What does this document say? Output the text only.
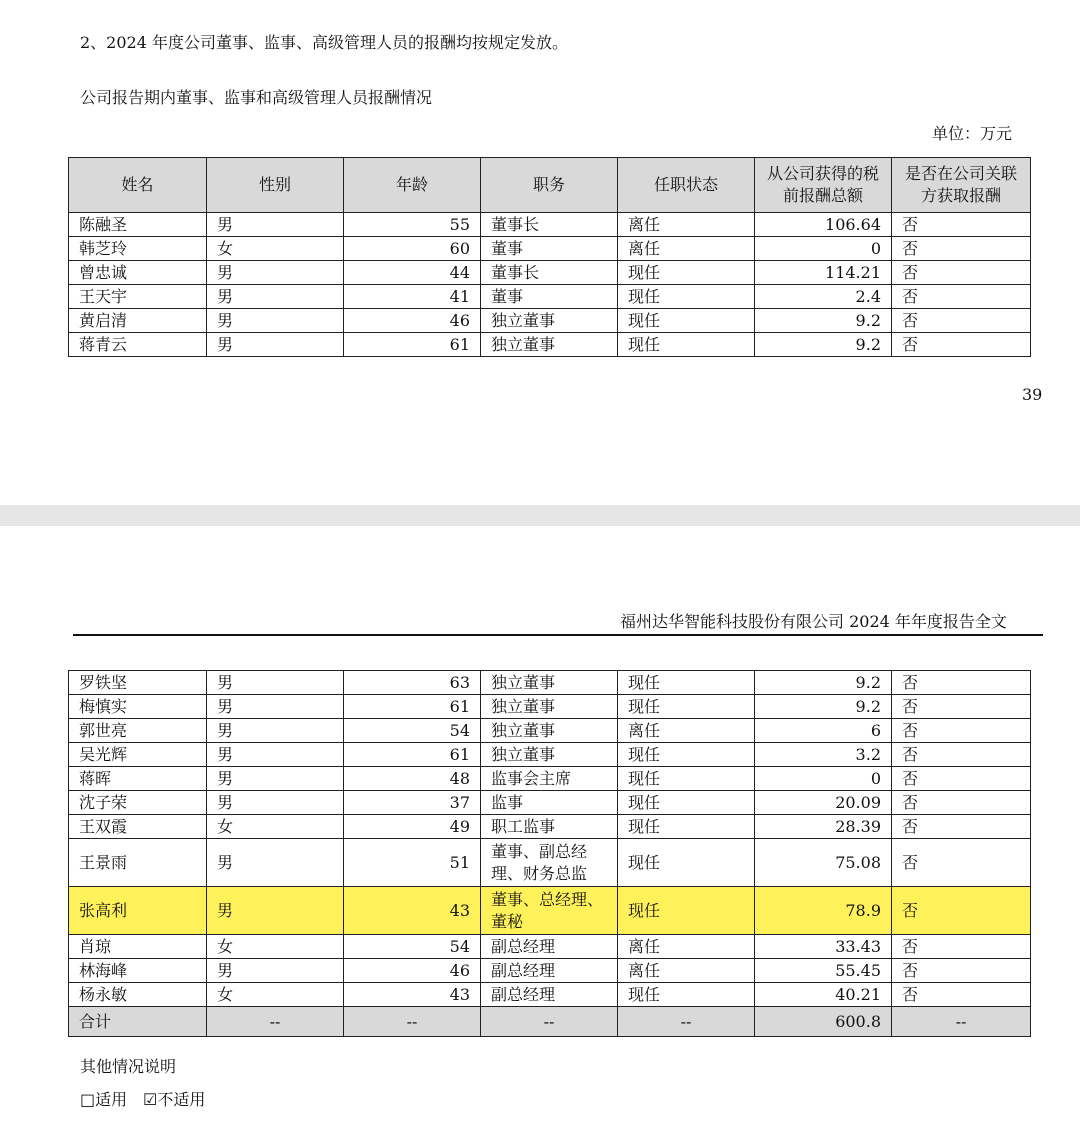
2、2024 年度公司董事、监事、高级管理人员的报酬均按规定发放。
公司报告期内董事、监事和高级管理人员报酬情况
单位：万元
姓名	性别	年龄	职务	任职状态	从公司获得的税前报酬总额	是否在公司关联方获取报酬
陈融圣	男	55	董事长	离任	106.64	否
韩芝玲	女	60	董事	离任	0	否
曾忠诚	男	44	董事长	现任	114.21	否
王天宇	男	41	董事	现任	2.4	否
黄启清	男	46	独立董事	现任	9.2	否
蒋青云	男	61	独立董事	现任	9.2	否
39
福州达华智能科技股份有限公司 2024 年年度报告全文
罗铁坚	男	63	独立董事	现任	9.2	否
梅慎实	男	61	独立董事	现任	9.2	否
郭世亮	男	54	独立董事	离任	6	否
吴光辉	男	61	独立董事	现任	3.2	否
蒋晖	男	48	监事会主席	现任	0	否
沈子荣	男	37	监事	现任	20.09	否
王双霞	女	49	职工监事	现任	28.39	否
王景雨	男	51	董事、副总经理、财务总监	现任	75.08	否
张高利	男	43	董事、总经理、董秘	现任	78.9	否
肖琼	女	54	副总经理	离任	33.43	否
林海峰	男	46	副总经理	离任	55.45	否
杨永敏	女	43	副总经理	现任	40.21	否
合计	--	--	--	--	600.8	--
其他情况说明
□适用 ☑不适用
